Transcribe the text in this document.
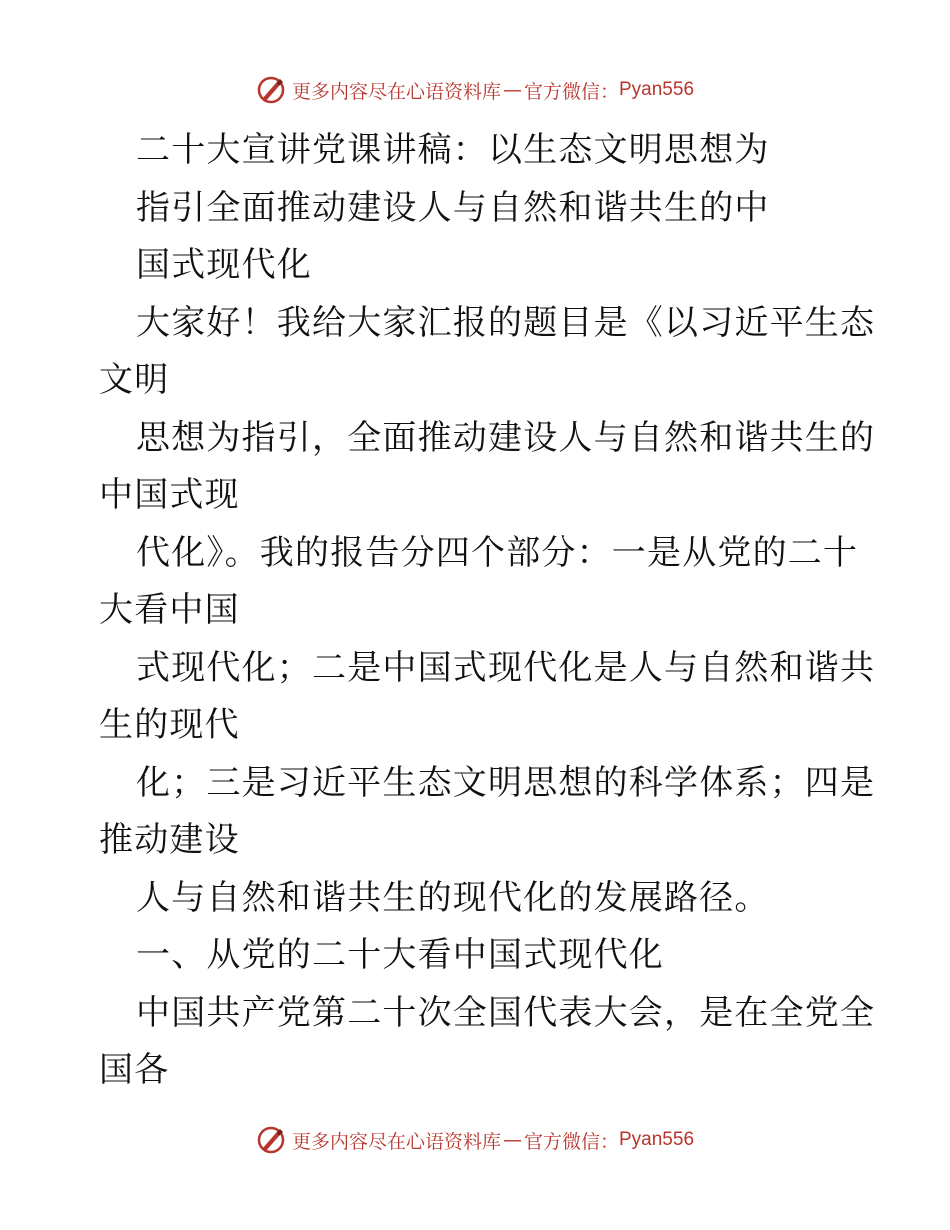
更多内容尽在心语资料库 — 官方微信： Pyan556
二十大宣讲党课讲稿：以生态文明思想为
指引全面推动建设人与自然和谐共生的中
国式现代化
大家好！我给大家汇报的题目是《以习近平生态
文明
思想为指引，全面推动建设人与自然和谐共生的
中国式现
代化》。我的报告分四个部分：一是从党的二十
大看中国
式现代化；二是中国式现代化是人与自然和谐共
生的现代
化；三是习近平生态文明思想的科学体系；四是
推动建设
人与自然和谐共生的现代化的发展路径。
一、从党的二十大看中国式现代化
中国共产党第二十次全国代表大会，是在全党全
国各
更多内容尽在心语资料库 — 官方微信： Pyan556
